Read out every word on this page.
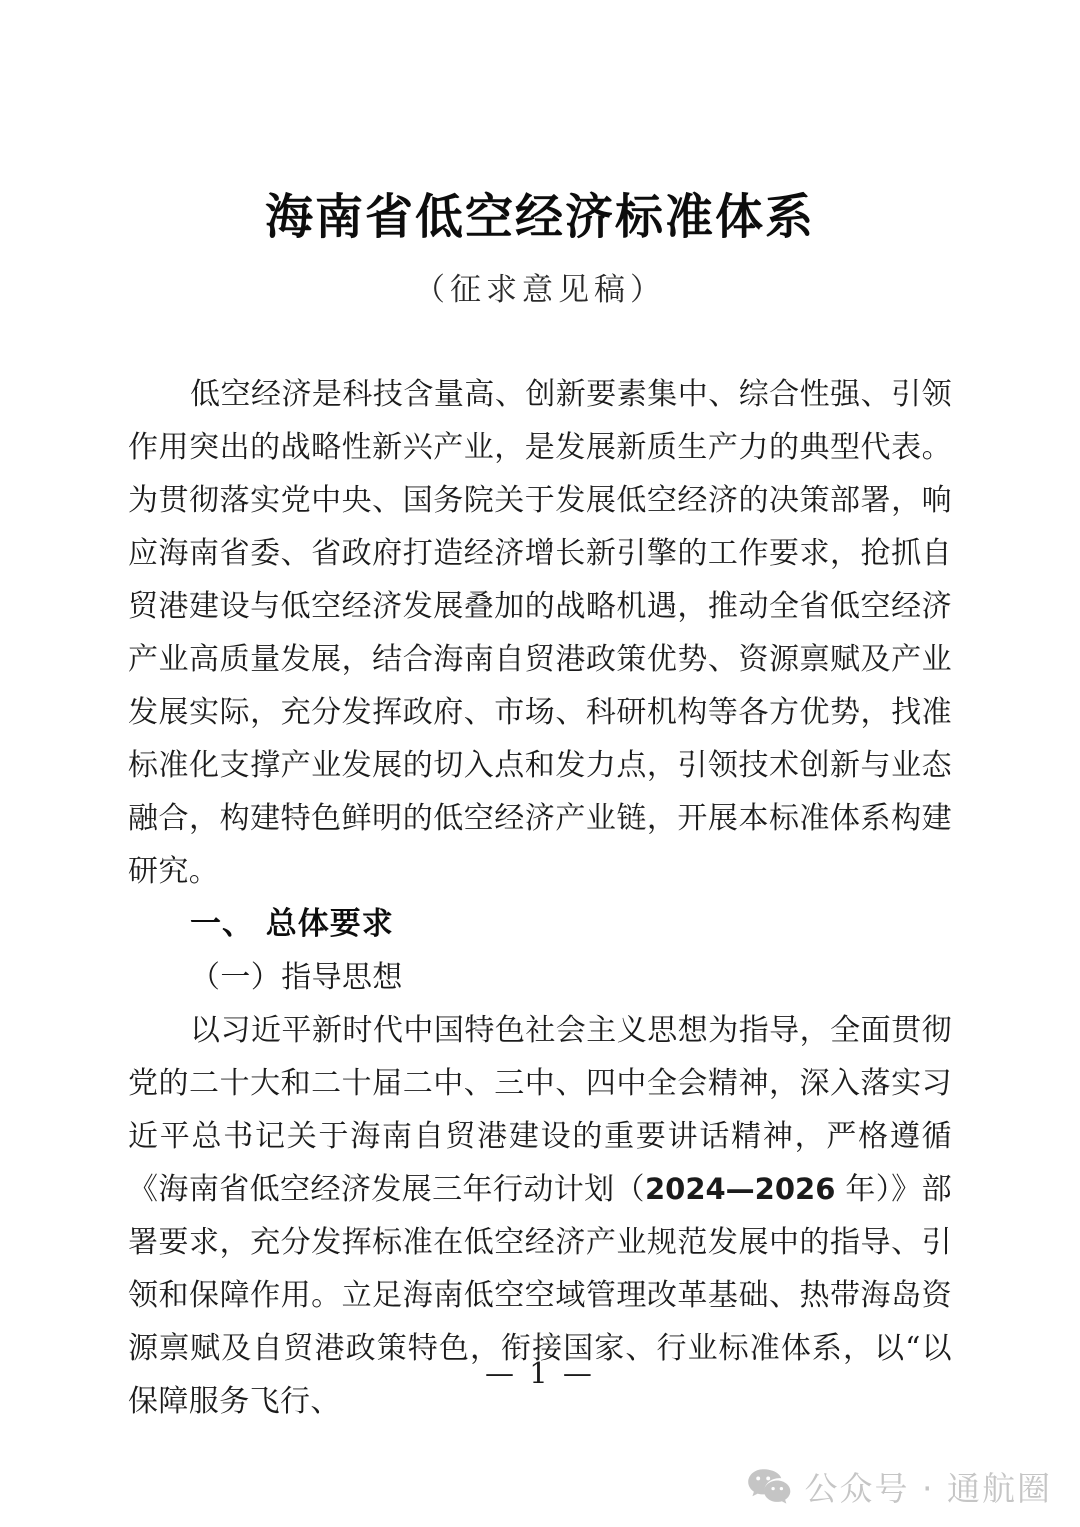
海南省低空经济标准体系
（征求意见稿）

低空经济是科技含量高、创新要素集中、综合性强、引领作用突出的战略性新兴产业，是发展新质生产力的典型代表。为贯彻落实党中央、国务院关于发展低空经济的决策部署，响应海南省委、省政府打造经济增长新引擎的工作要求，抢抓自贸港建设与低空经济发展叠加的战略机遇，推动全省低空经济产业高质量发展，结合海南自贸港政策优势、资源禀赋及产业发展实际，充分发挥政府、市场、科研机构等各方优势，找准标准化支撑产业发展的切入点和发力点，引领技术创新与业态融合，构建特色鲜明的低空经济产业链，开展本标准体系构建研究。

一、 总体要求
（一）指导思想

以习近平新时代中国特色社会主义思想为指导，全面贯彻党的二十大和二十届二中、三中、四中全会精神，深入落实习近平总书记关于海南自贸港建设的重要讲话精神，严格遵循《海南省低空经济发展三年行动计划（2024—2026 年）》部署要求，充分发挥标准在低空经济产业规范发展中的指导、引领和保障作用。立足海南低空空域管理改革基础、热带海岛资源禀赋及自贸港政策特色，衔接国家、行业标准体系，以“以保障服务飞行、

— 1 —
公众号 · 通航圈
